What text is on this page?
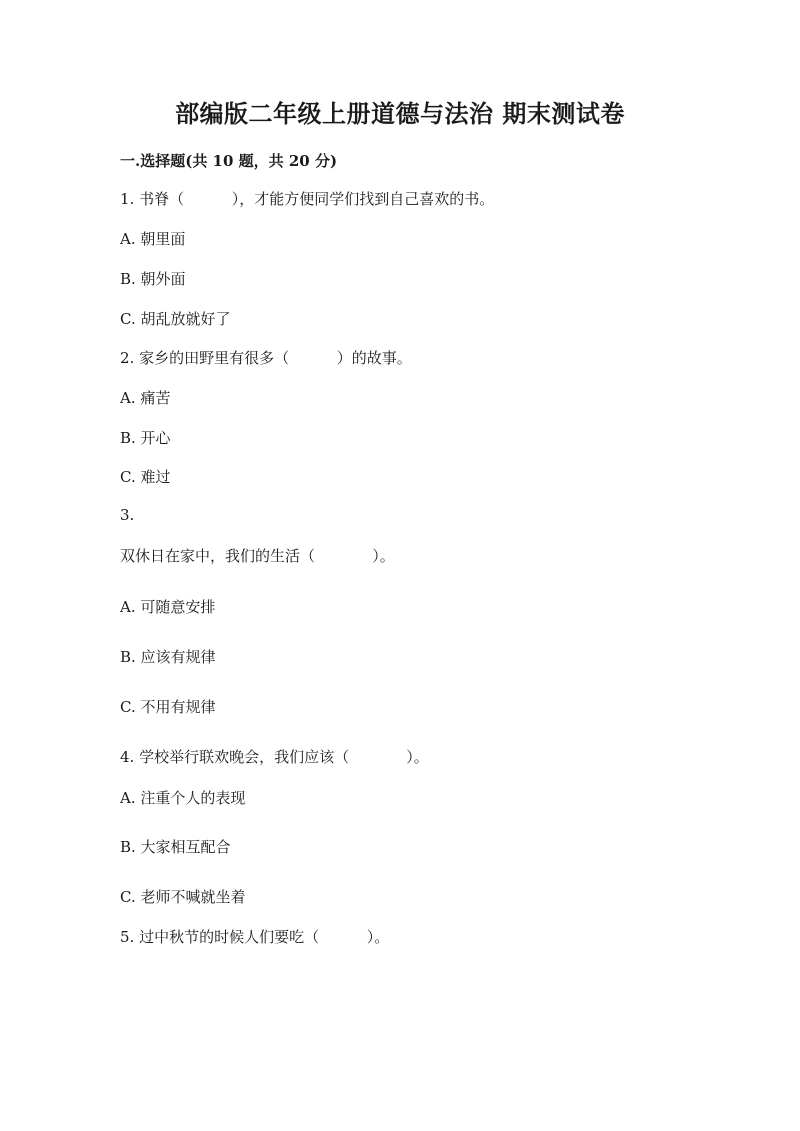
部编版二年级上册道德与法治 期末测试卷
一.选择题(共 10 题，共 20 分)
1. 书脊（          ），才能方便同学们找到自己喜欢的书。
A. 朝里面
B. 朝外面
C. 胡乱放就好了
2. 家乡的田野里有很多（          ）的故事。
A. 痛苦
B. 开心
C. 难过
3.
双休日在家中，我们的生活（            ）。
A. 可随意安排
B. 应该有规律
C. 不用有规律
4. 学校举行联欢晚会，我们应该（            ）。
A. 注重个人的表现
B. 大家相互配合
C. 老师不喊就坐着
5. 过中秋节的时候人们要吃（          ）。
